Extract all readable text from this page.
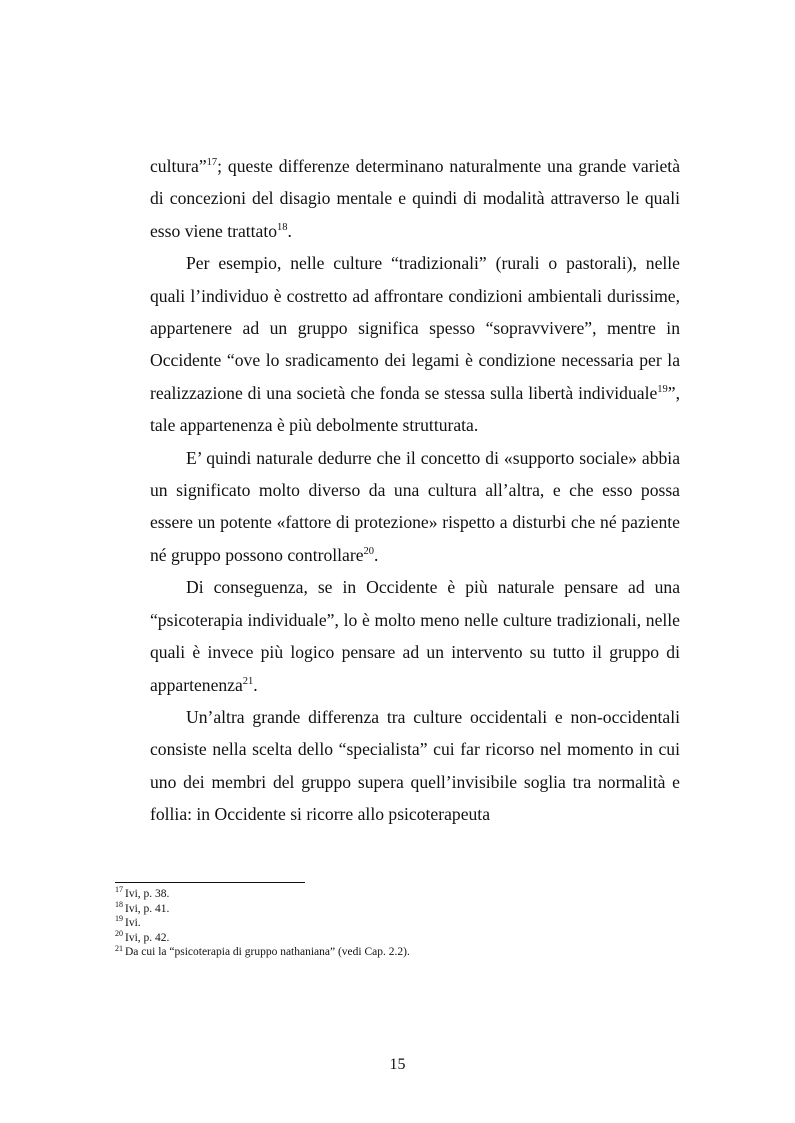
cultura”$^{17}$; queste differenze determinano naturalmente una grande varietà di concezioni del disagio mentale e quindi di modalità attraverso le quali esso viene trattato$^{18}$.

Per esempio, nelle culture “tradizionali” (rurali o pastorali), nelle quali l’individuo è costretto ad affrontare condizioni ambientali durissime, appartenere ad un gruppo significa spesso “sopravvivere”, mentre in Occidente “ove lo sradicamento dei legami è condizione necessaria per la realizzazione di una società che fonda se stessa sulla libertà individuale$^{19}$”, tale appartenenza è più debolmente strutturata.

E’ quindi naturale dedurre che il concetto di «supporto sociale» abbia un significato molto diverso da una cultura all’altra, e che esso possa essere un potente «fattore di protezione» rispetto a disturbi che né paziente né gruppo possono controllare$^{20}$.

Di conseguenza, se in Occidente è più naturale pensare ad una “psicoterapia individuale”, lo è molto meno nelle culture tradizionali, nelle quali è invece più logico pensare ad un intervento su tutto il gruppo di appartenenza$^{21}$.

Un’altra grande differenza tra culture occidentali e non-occidentali consiste nella scelta dello “specialista” cui far ricorso nel momento in cui uno dei membri del gruppo supera quell’invisibile soglia tra normalità e follia: in Occidente si ricorre allo psicoterapeuta

$^{17}$ Ivi, p. 38.
$^{18}$ Ivi, p. 41.
$^{19}$ Ivi.
$^{20}$ Ivi, p. 42.
$^{21}$ Da cui la “psicoterapia di gruppo nathaniana” (vedi Cap. 2.2).
15
